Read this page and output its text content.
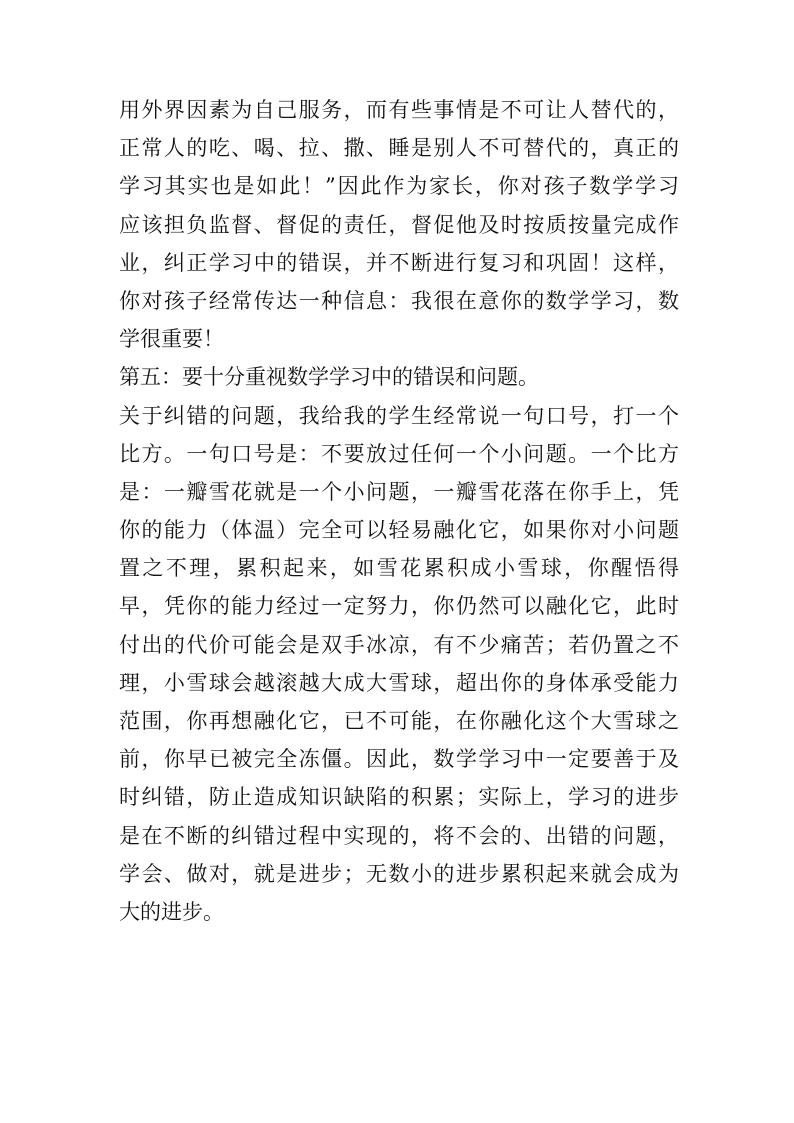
用外界因素为自己服务，而有些事情是不可让人替代的，
正常人的吃、喝、拉、撒、睡是别人不可替代的，真正的
学习其实也是如此！”因此作为家长，你对孩子数学学习
应该担负监督、督促的责任，督促他及时按质按量完成作
业，纠正学习中的错误，并不断进行复习和巩固！这样，
你对孩子经常传达一种信息：我很在意你的数学学习，数
学很重要！
第五：要十分重视数学学习中的错误和问题。
关于纠错的问题，我给我的学生经常说一句口号，打一个
比方。一句口号是：不要放过任何一个小问题。一个比方
是：一瓣雪花就是一个小问题，一瓣雪花落在你手上，凭
你的能力（体温）完全可以轻易融化它，如果你对小问题
置之不理，累积起来，如雪花累积成小雪球，你醒悟得
早，凭你的能力经过一定努力，你仍然可以融化它，此时
付出的代价可能会是双手冰凉，有不少痛苦；若仍置之不
理，小雪球会越滚越大成大雪球，超出你的身体承受能力
范围，你再想融化它，已不可能，在你融化这个大雪球之
前，你早已被完全冻僵。因此，数学学习中一定要善于及
时纠错，防止造成知识缺陷的积累；实际上，学习的进步
是在不断的纠错过程中实现的，将不会的、出错的问题，
学会、做对，就是进步；无数小的进步累积起来就会成为
大的进步。
